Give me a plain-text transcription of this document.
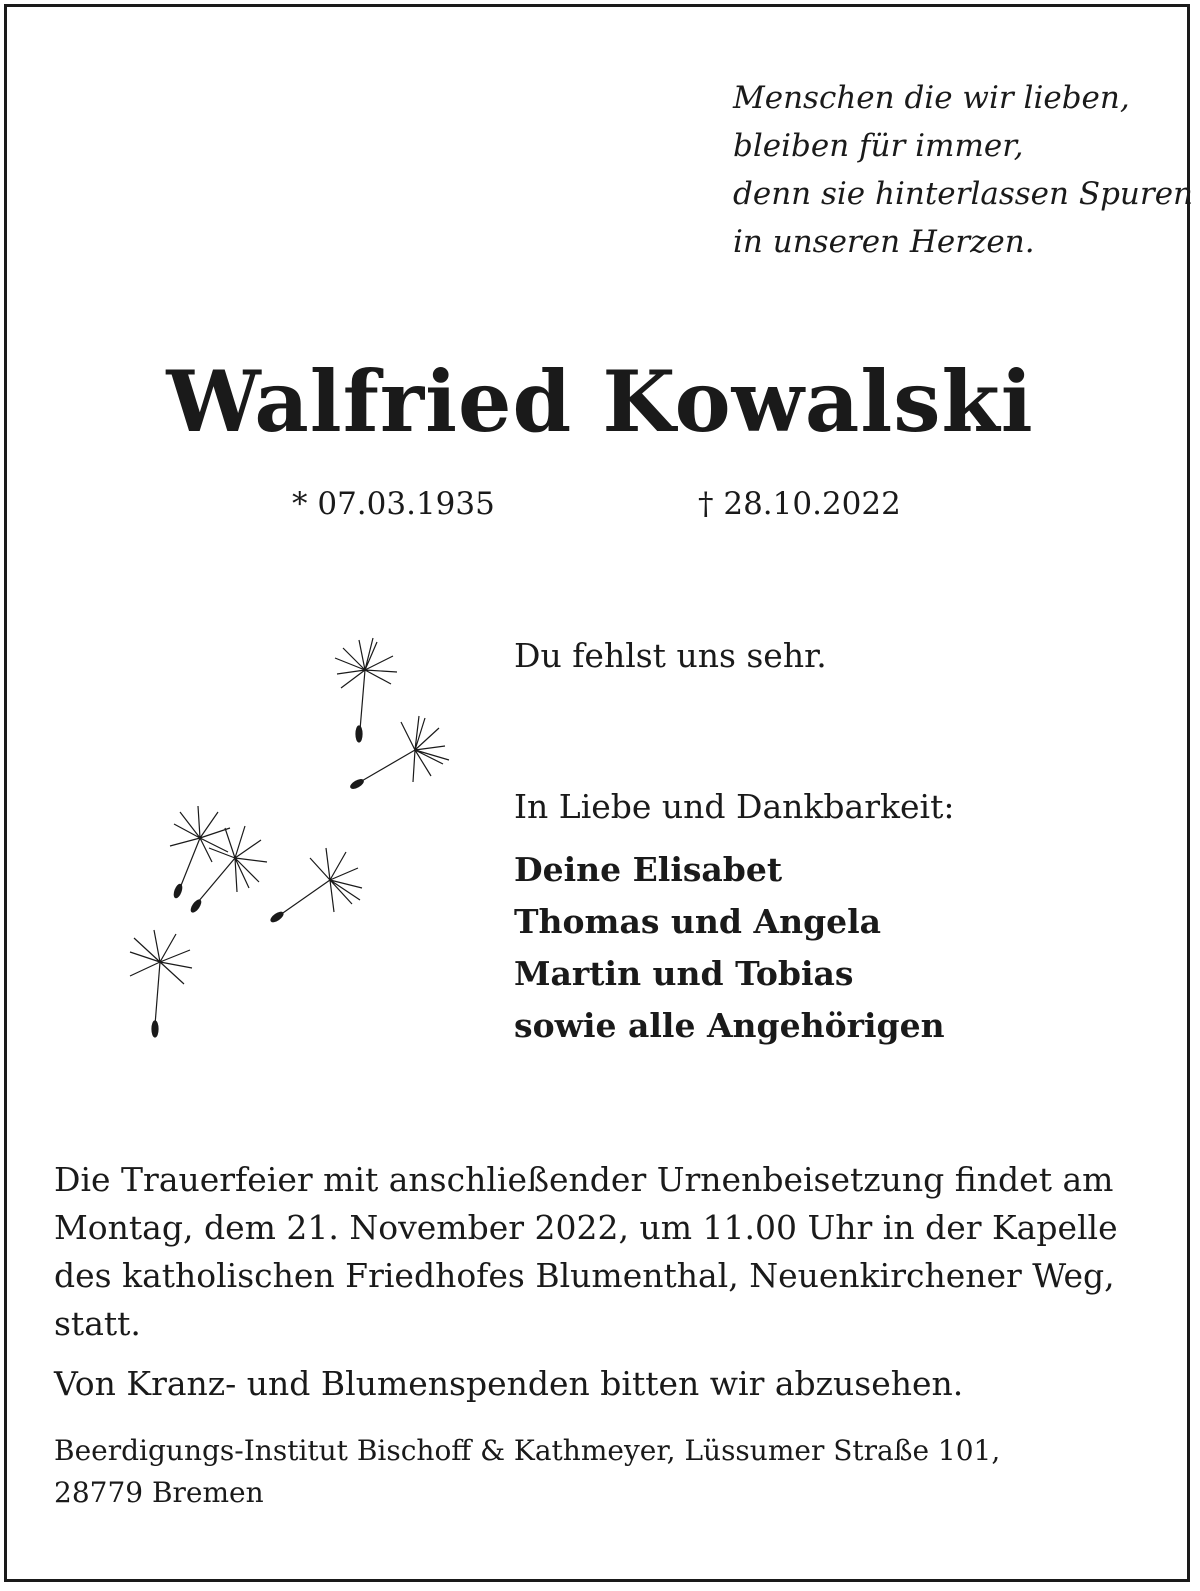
Menschen die wir lieben,
bleiben für immer,
denn sie hinterlassen Spuren
in unseren Herzen.
Walfried Kowalski
* 07.03.1935	† 28.10.2022
Du fehlst uns sehr.
In Liebe und Dankbarkeit:
Deine Elisabet
Thomas und Angela
Martin und Tobias
sowie alle Angehörigen
Die Trauerfeier mit anschließender Urnenbeisetzung findet am
Montag, dem 21. November 2022, um 11.00 Uhr in der Kapelle
des katholischen Friedhofes Blumenthal, Neuenkirchener Weg,
statt.
Von Kranz- und Blumenspenden bitten wir abzusehen.
Beerdigungs-Institut Bischoff & Kathmeyer, Lüssumer Straße 101,
28779 Bremen
